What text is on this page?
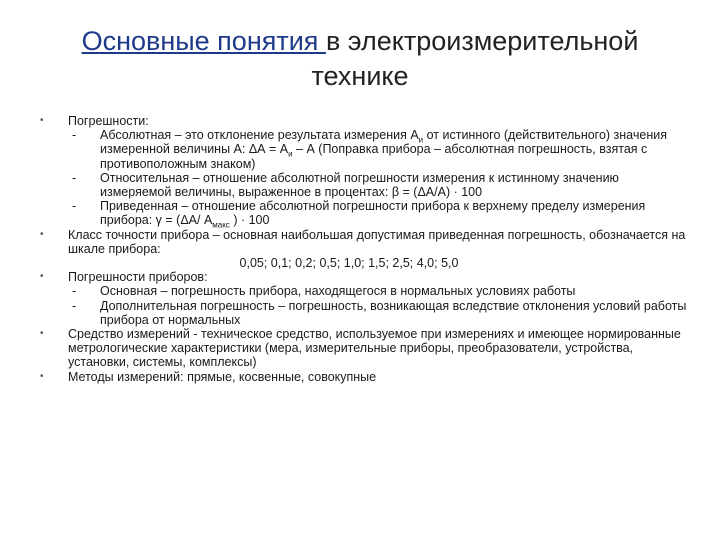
Основные понятия в электроизмерительной
технике
• Погрешности:
- Абсолютная – это отклонение результата измерения $А_и$ от истинного (действительного) значения измеренной величины А: $\Delta А = А_и - А$ (Поправка прибора – абсолютная погрешность, взятая с противоположным знаком)
- Относительная – отношение абсолютной погрешности измерения к истинному значению измеряемой величины, выраженное в процентах: β = (ΔА/А) · 100
- Приведенная – отношение абсолютной погрешности прибора к верхнему пределу измерения прибора: γ = (ΔА/ $А_{макс}$ ) · 100
• Класс точности прибора – основная наибольшая допустимая приведенная погрешность, обозначается на шкале прибора:
0,05; 0,1; 0,2; 0,5; 1,0; 1,5; 2,5; 4,0; 5,0
• Погрешности приборов:
- Основная – погрешность прибора, находящегося в нормальных условиях работы
- Дополнительная погрешность – погрешность, возникающая вследствие отклонения условий работы прибора от нормальных
• Средство измерений - техническое средство, используемое при измерениях и имеющее нормированные метрологические характеристики (мера, измерительные приборы, преобразователи, устройства, установки, системы, комплексы)
• Методы измерений: прямые, косвенные, совокупные
